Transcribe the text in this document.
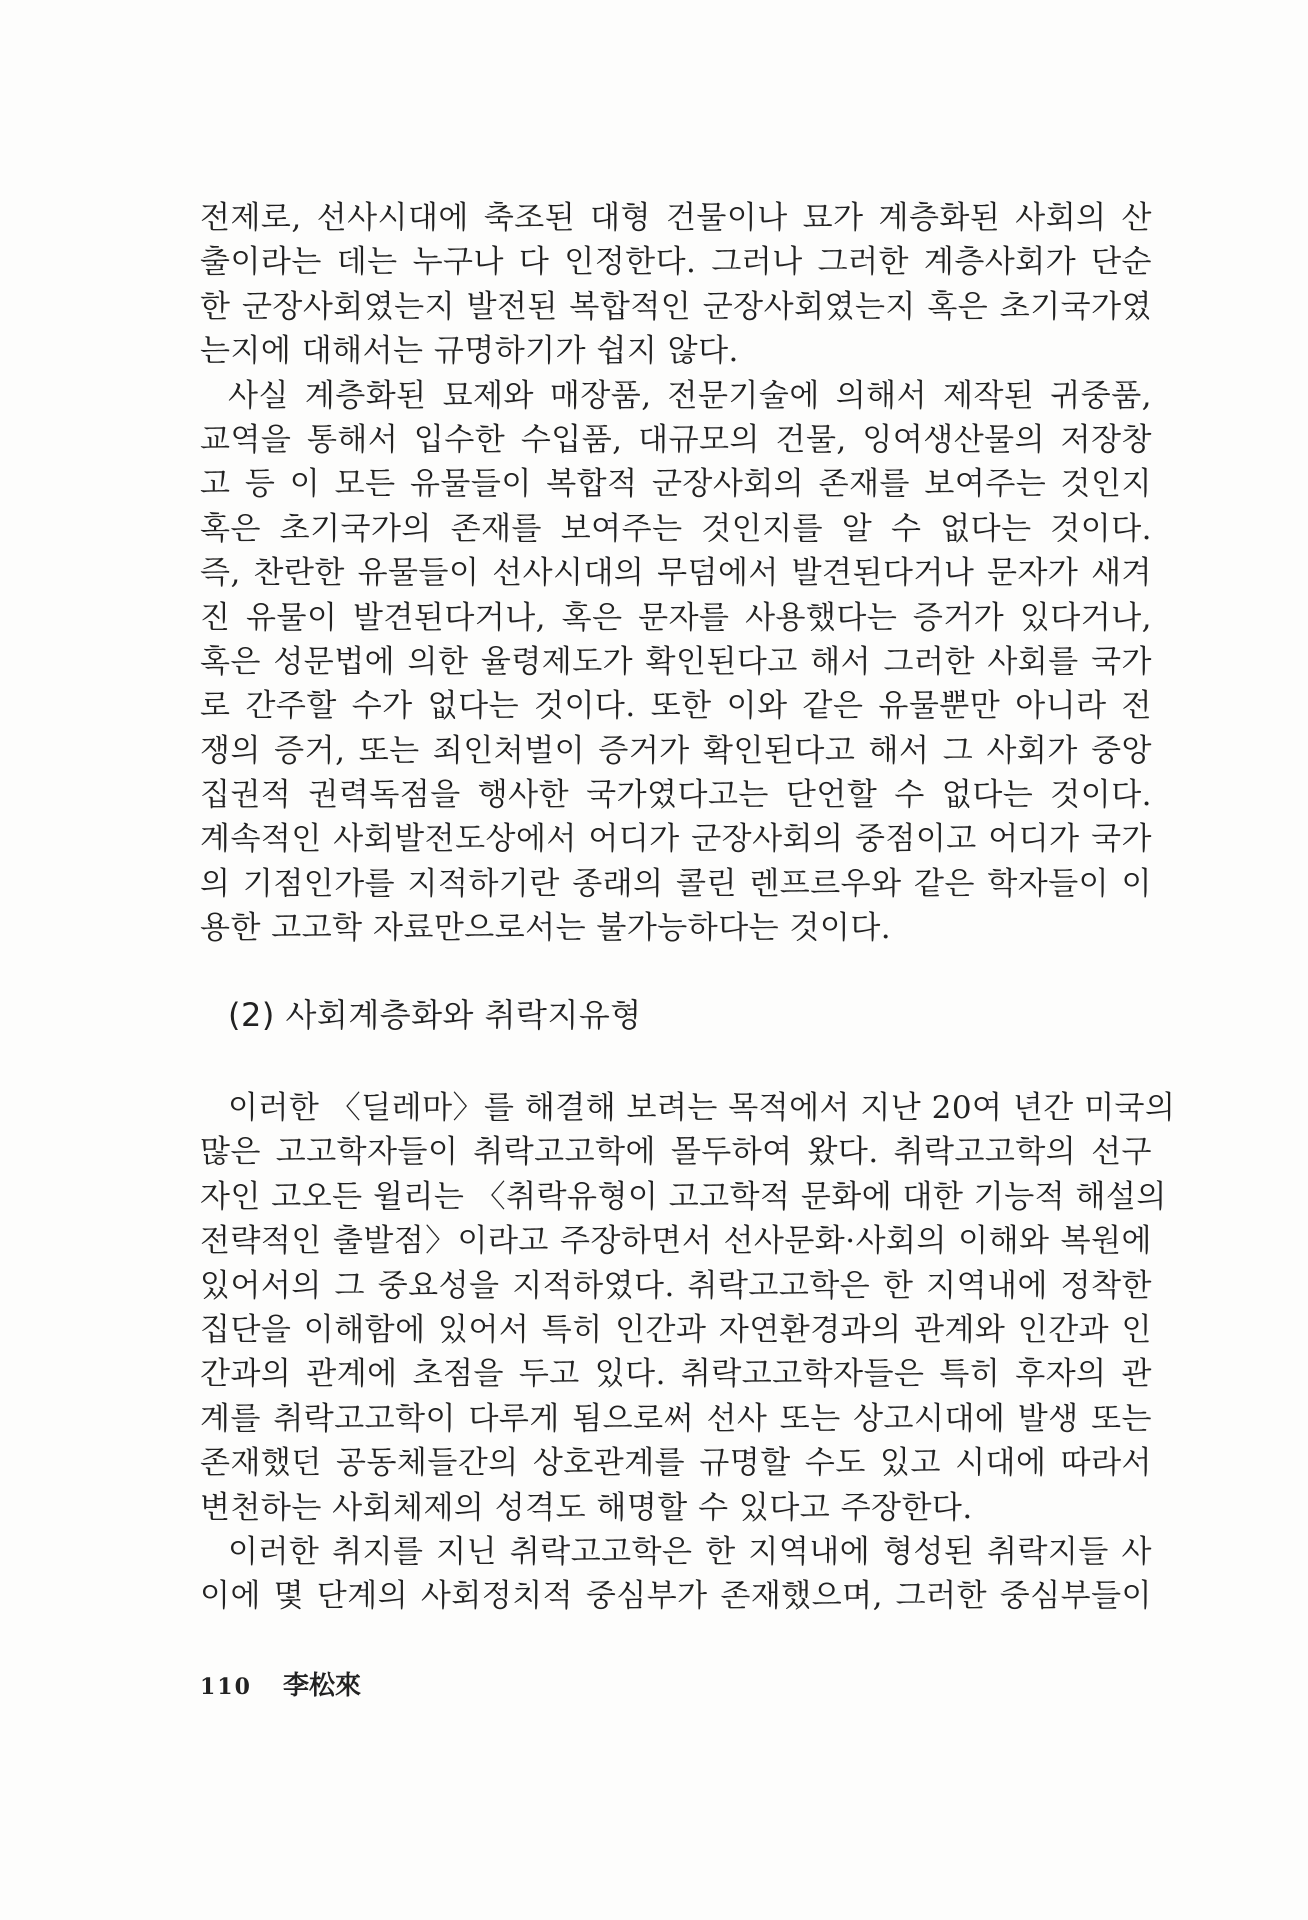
전제로, 선사시대에 축조된 대형 건물이나 묘가 계층화된 사회의 산
출이라는 데는 누구나 다 인정한다. 그러나 그러한 계층사회가 단순
한 군장사회였는지 발전된 복합적인 군장사회였는지 혹은 초기국가였
는지에 대해서는 규명하기가 쉽지 않다.
사실 계층화된 묘제와 매장품, 전문기술에 의해서 제작된 귀중품,
교역을 통해서 입수한 수입품, 대규모의 건물, 잉여생산물의 저장창
고 등 이 모든 유물들이 복합적 군장사회의 존재를 보여주는 것인지
혹은 초기국가의 존재를 보여주는 것인지를 알 수 없다는 것이다.
즉, 찬란한 유물들이 선사시대의 무덤에서 발견된다거나 문자가 새겨
진 유물이 발견된다거나, 혹은 문자를 사용했다는 증거가 있다거나,
혹은 성문법에 의한 율령제도가 확인된다고 해서 그러한 사회를 국가
로 간주할 수가 없다는 것이다. 또한 이와 같은 유물뿐만 아니라 전
쟁의 증거, 또는 죄인처벌이 증거가 확인된다고 해서 그 사회가 중앙
집권적 권력독점을 행사한 국가였다고는 단언할 수 없다는 것이다.
계속적인 사회발전도상에서 어디가 군장사회의 중점이고 어디가 국가
의 기점인가를 지적하기란 종래의 콜린 렌프르우와 같은 학자들이 이
용한 고고학 자료만으로서는 불가능하다는 것이다.
(2) 사회계층화와 취락지유형
이러한 〈딜레마〉를 해결해 보려는 목적에서 지난 20여 년간 미국의
많은 고고학자들이 취락고고학에 몰두하여 왔다. 취락고고학의 선구
자인 고오든 윌리는 〈취락유형이 고고학적 문화에 대한 기능적 해설의
전략적인 출발점〉이라고 주장하면서 선사문화·사회의 이해와 복원에
있어서의 그 중요성을 지적하였다. 취락고고학은 한 지역내에 정착한
집단을 이해함에 있어서 특히 인간과 자연환경과의 관계와 인간과 인
간과의 관계에 초점을 두고 있다. 취락고고학자들은 특히 후자의 관
계를 취락고고학이 다루게 됨으로써 선사 또는 상고시대에 발생 또는
존재했던 공동체들간의 상호관계를 규명할 수도 있고 시대에 따라서
변천하는 사회체제의 성격도 해명할 수 있다고 주장한다.
이러한 취지를 지닌 취락고고학은 한 지역내에 형성된 취락지들 사
이에 몇 단계의 사회정치적 중심부가 존재했으며, 그러한 중심부들이
110 李松來
